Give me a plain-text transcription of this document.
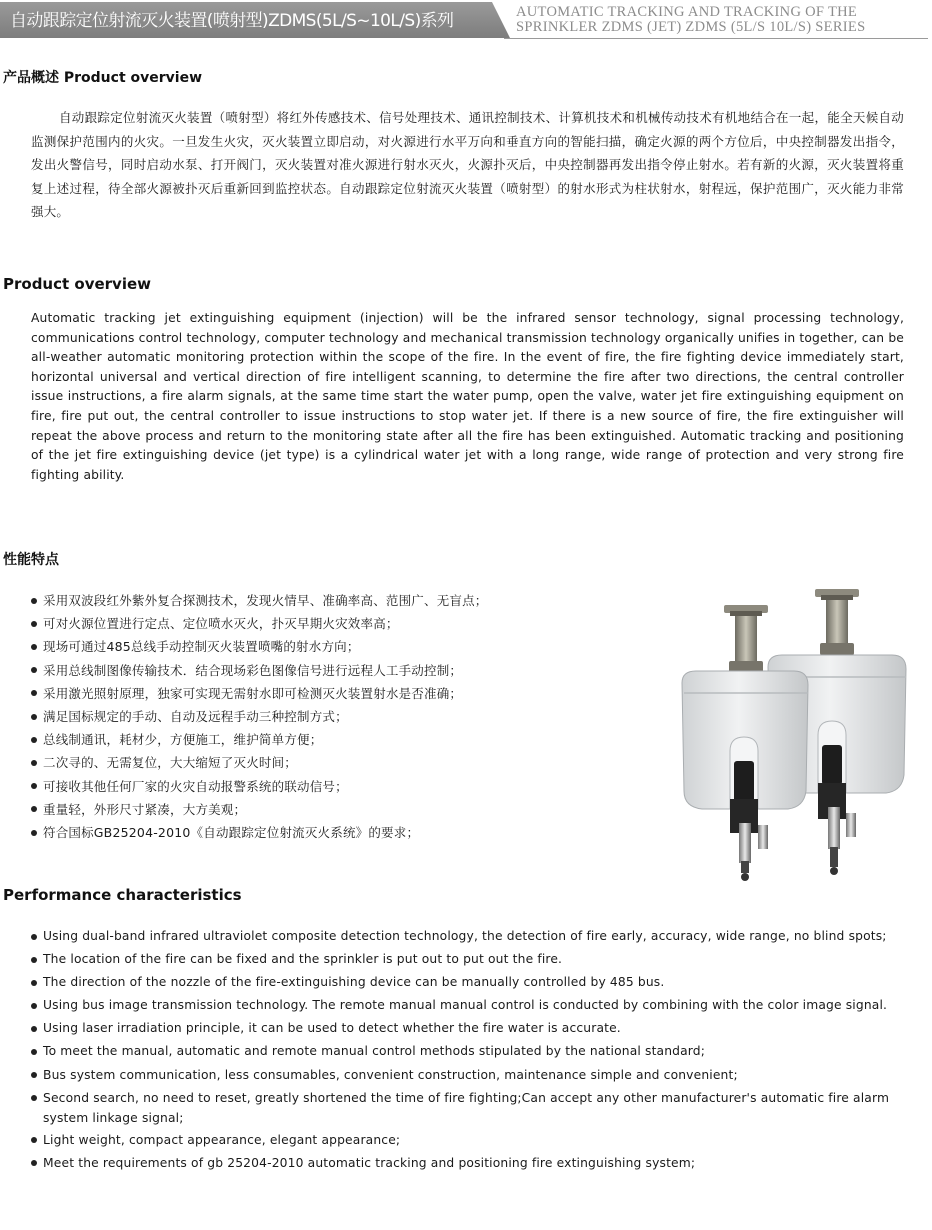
自动跟踪定位射流灭火装置(喷射型)ZDMS(5L/S~10L/S)系列	AUTOMATIC TRACKING AND TRACKING OF THE
SPRINKLER ZDMS (JET) ZDMS (5L/S 10L/S) SERIES
产品概述 Product overview

自动跟踪定位射流灭火装置（喷射型）将红外传感技术、信号处理技术、通讯控制技术、计算机技术和机械传动技术有机地结合在一起，能全天候自动监测保护范围内的火灾。一旦发生火灾，灭火装置立即启动，对火源进行水平万向和垂直方向的智能扫描，确定火源的两个方位后，中央控制器发出指令，发出火警信号，同时启动水泵、打开阀门，灭火装置对准火源进行射水灭火，火源扑灭后，中央控制器再发出指令停止射水。若有新的火源，灭火装置将重复上述过程，待全部火源被扑灭后重新回到监控状态。自动跟踪定位射流灭火装置（喷射型）的射水形式为柱状射水，射程远，保护范围广，灭火能力非常强大。

Product overview

Automatic tracking jet extinguishing equipment (injection) will be the infrared sensor technology, signal processing technology, communications control technology, computer technology and mechanical transmission technology organically unifies in together, can be all-weather automatic monitoring protection within the scope of the fire. In the event of fire, the fire fighting device immediately start, horizontal universal and vertical direction of fire intelligent scanning, to determine the fire after two directions, the central controller issue instructions, a fire alarm signals, at the same time start the water pump, open the valve, water jet fire extinguishing equipment on fire, fire put out, the central controller to issue instructions to stop water jet. If there is a new source of fire, the fire extinguisher will repeat the above process and return to the monitoring state after all the fire has been extinguished. Automatic tracking and positioning of the jet fire extinguishing device (jet type) is a cylindrical water jet with a long range, wide range of protection and very strong fire fighting ability.

性能特点
采用双波段红外紫外复合探测技术，发现火情早、准确率高、范围广、无盲点；
可对火源位置进行定点、定位喷水灭火，扑灭早期火灾效率高；
现场可通过485总线手动控制灭火装置喷嘴的射水方向；
采用总线制图像传输技术．结合现场彩色图像信号进行远程人工手动控制；
采用激光照射原理，独家可实现无需射水即可检测灭火装置射水是否准确；
满足国标规定的手动、自动及远程手动三种控制方式；
总线制通讯，耗材少，方便施工，维护简单方便；
二次寻的、无需复位，大大缩短了灭火时间；
可接收其他任何厂家的火灾自动报警系统的联动信号；
重量轻，外形尺寸紧凑，大方美观；
符合国标GB25204-2010《自动跟踪定位射流灭火系统》的要求；
Performance characteristics
Using dual-band infrared ultraviolet composite detection technology, the detection of fire early, accuracy, wide range, no blind spots;
The location of the fire can be fixed and the sprinkler is put out to put out the fire.
The direction of the nozzle of the fire-extinguishing device can be manually controlled by 485 bus.
Using bus image transmission technology. The remote manual manual control is conducted by combining with the color image signal.
Using laser irradiation principle, it can be used to detect whether the fire water is accurate.
To meet the manual, automatic and remote manual control methods stipulated by the national standard;
Bus system communication, less consumables, convenient construction, maintenance simple and convenient;
Second search, no need to reset, greatly shortened the time of fire fighting;Can accept any other manufacturer's automatic fire alarm system linkage signal;
Light weight, compact appearance, elegant appearance;
Meet the requirements of gb 25204-2010 automatic tracking and positioning fire extinguishing system;
